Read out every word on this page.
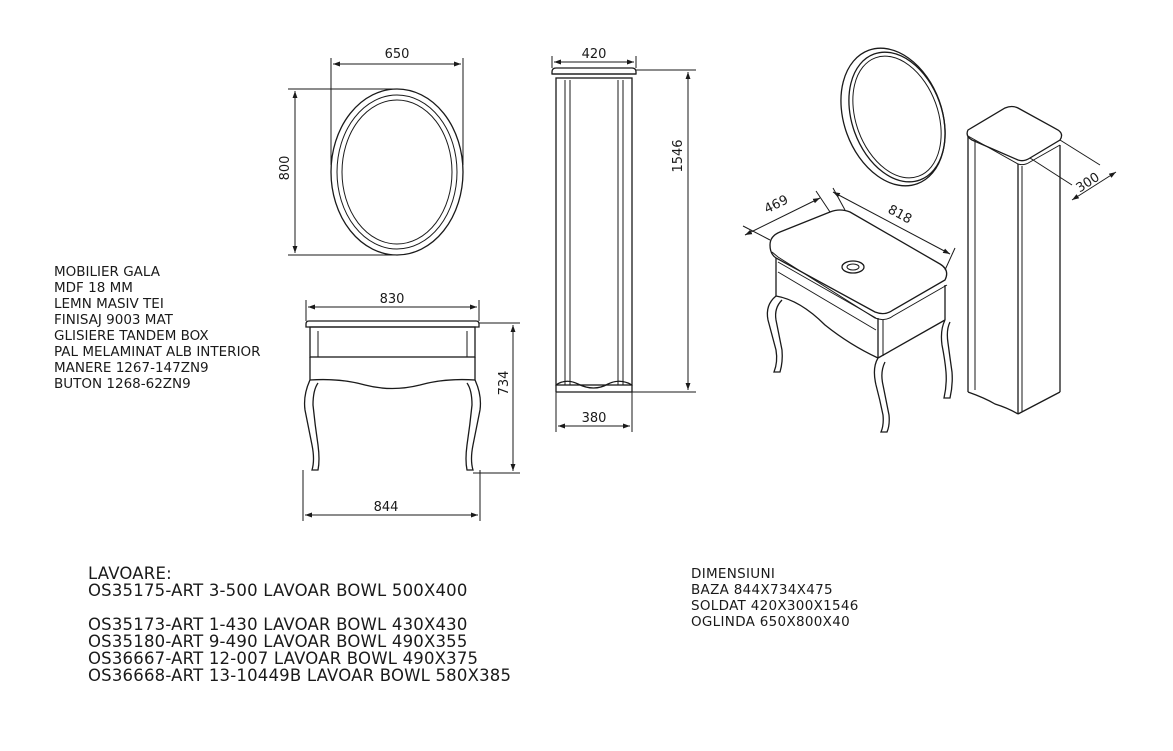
650
800
420
1546
380
830
734
844
469	818
300
MOBILIER GALA
MDF 18 MM
LEMN MASIV TEI
FINISAJ 9003 MAT
GLISIERE TANDEM BOX
PAL MELAMINAT ALB INTERIOR
MANERE 1267-147ZN9
BUTON 1268-62ZN9
LAVOARE:
OS35175-ART 3-500 LAVOAR BOWL 500X400
OS35173-ART 1-430 LAVOAR BOWL 430X430
OS35180-ART 9-490 LAVOAR BOWL 490X355
OS36667-ART 12-007 LAVOAR BOWL 490X375
OS36668-ART 13-10449B LAVOAR BOWL 580X385
DIMENSIUNI
BAZA 844X734X475
SOLDAT 420X300X1546
OGLINDA 650X800X40
